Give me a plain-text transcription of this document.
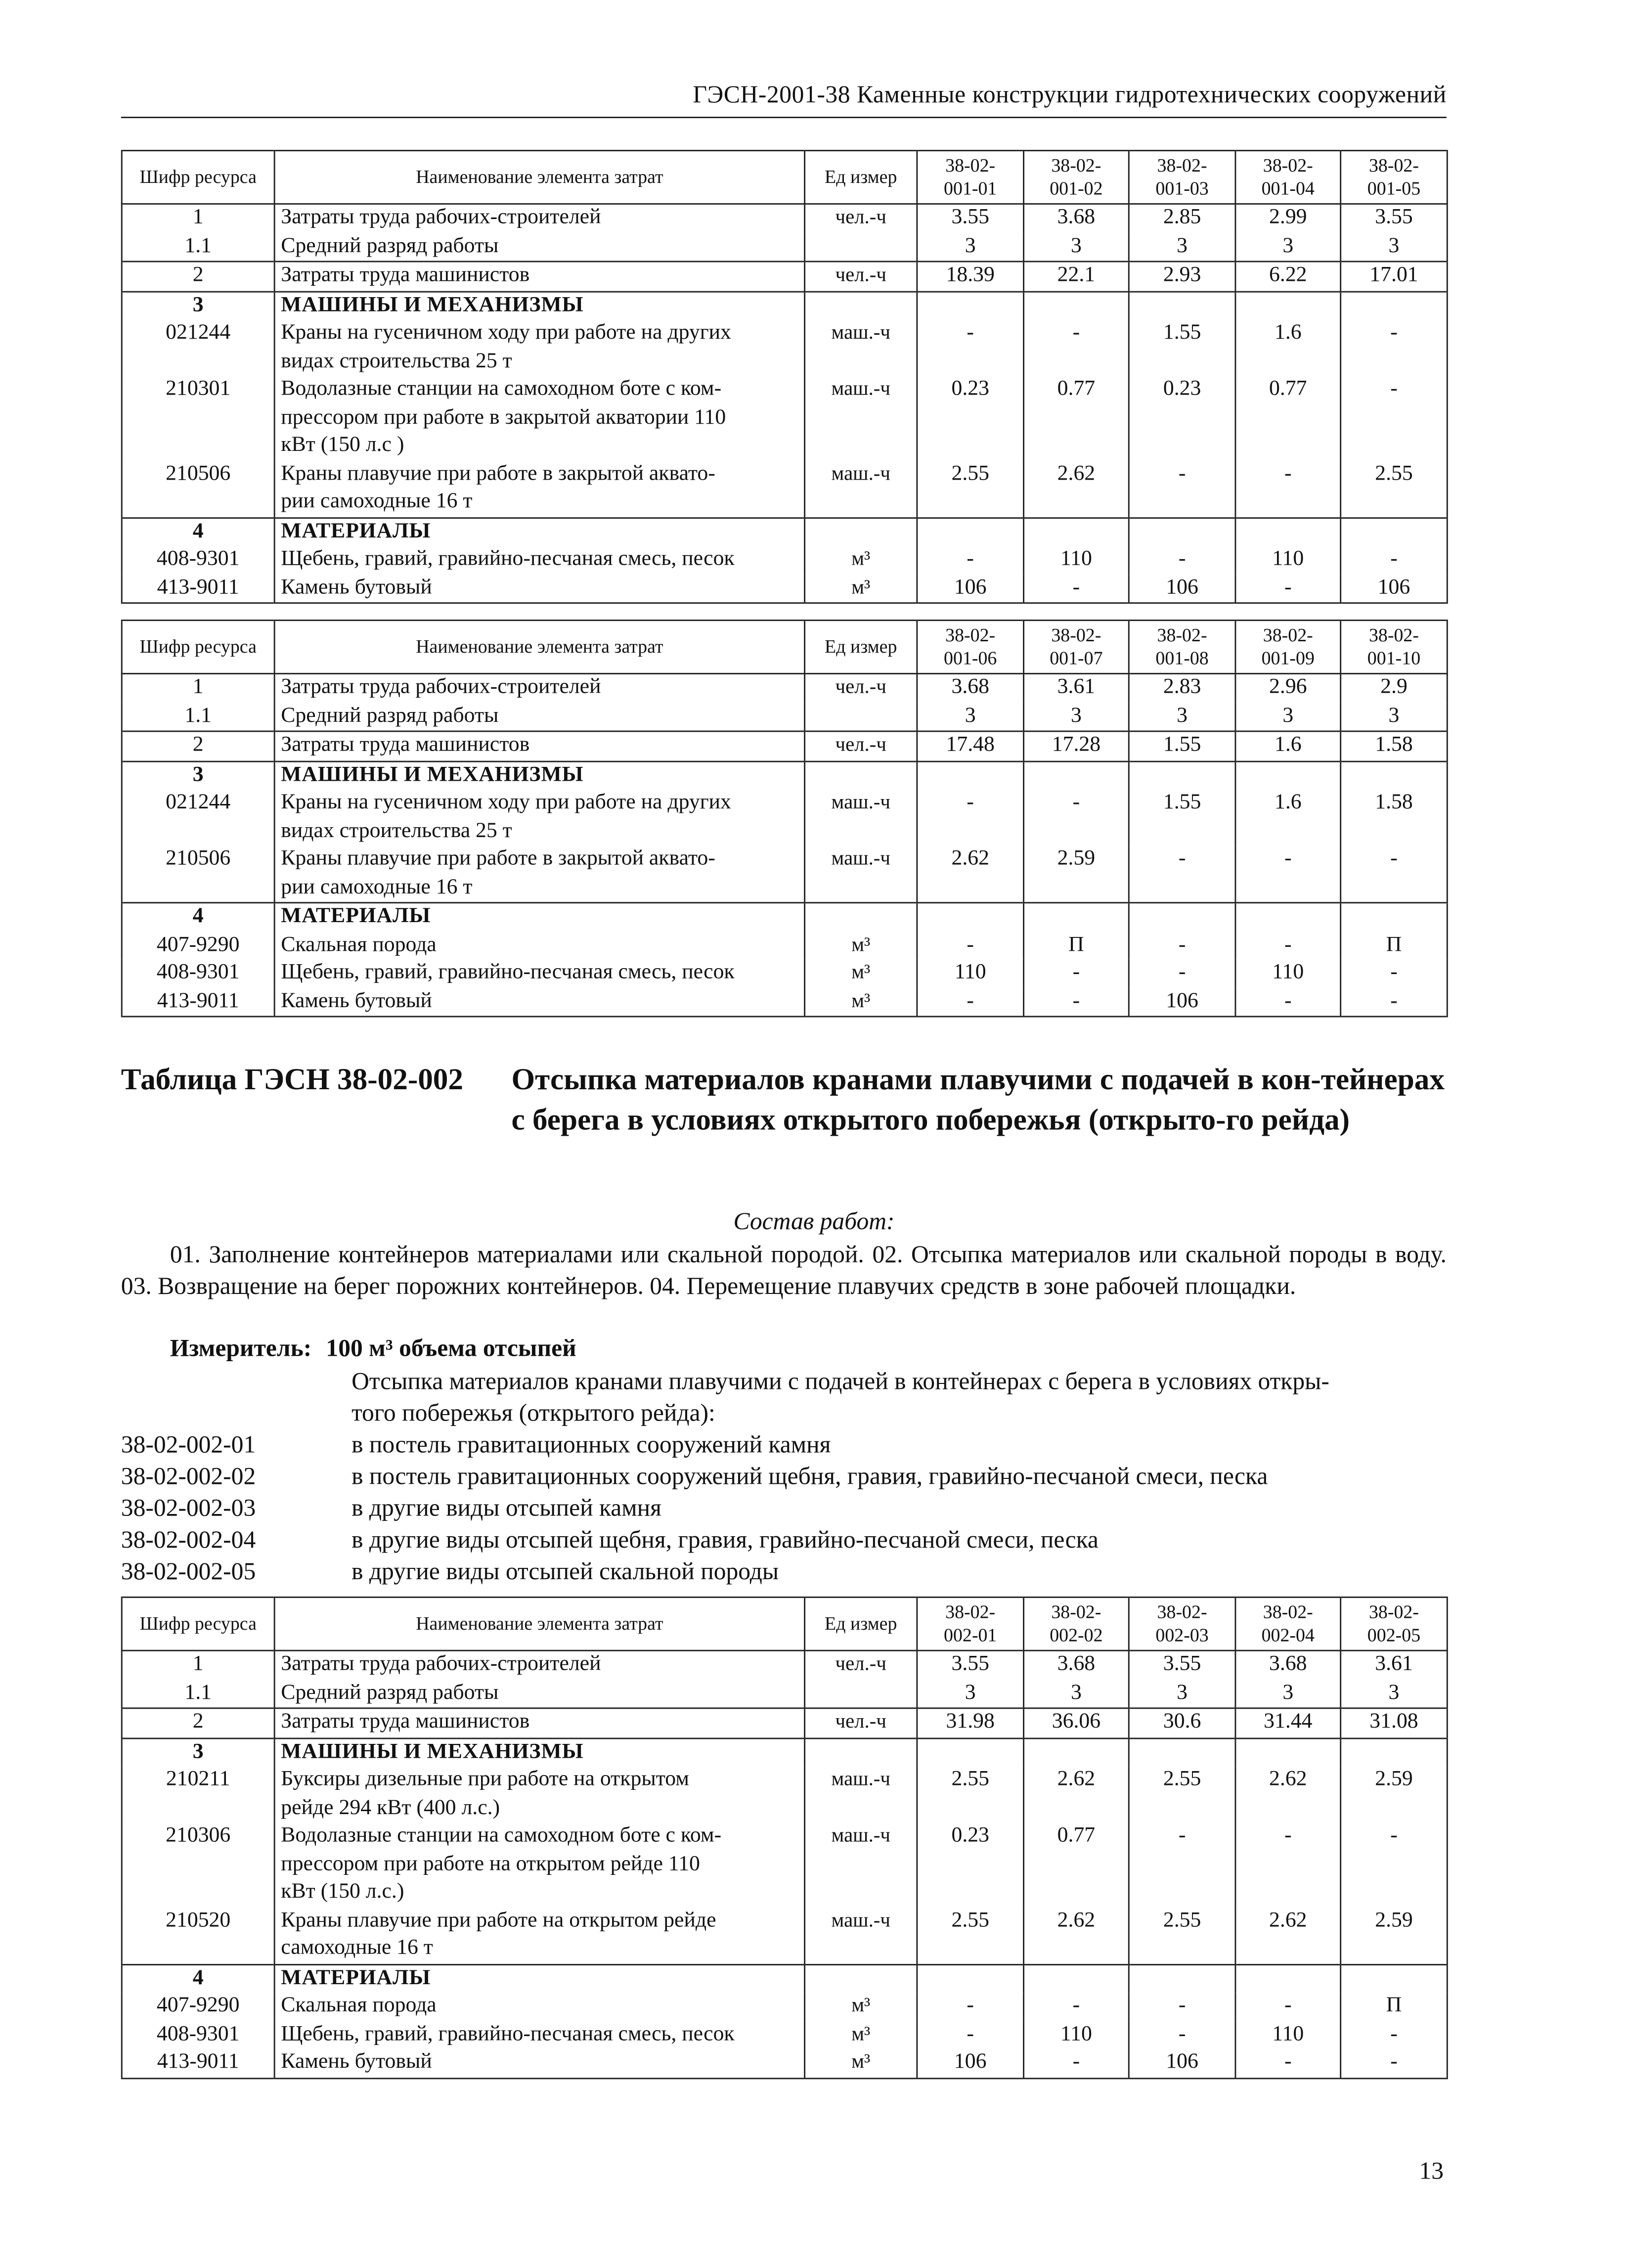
ГЭСН-2001-38 Каменные конструкции гидротехнических сооружений
Шифр ресурса	Наименование элемента затрат	Ед измер	38-02-
001-01	38-02-
001-02	38-02-
001-03	38-02-
001-04	38-02-
001-05
1	Затраты труда рабочих-строителей	чел.-ч	3.55	3.68	2.85	2.99	3.55
1.1	Средний разряд работы		3	3	3	3	3
2	Затраты труда машинистов	чел.-ч	18.39	22.1	2.93	6.22	17.01
3	МАШИНЫ И МЕХАНИЗМЫ						
021244	Краны на гусеничном ходу при работе на других
видах строительства 25 т	маш.-ч	-	-	1.55	1.6	-
210301	Водолазные станции на самоходном боте с ком-
прессором при работе в закрытой акватории 110
кВт (150 л.с )	маш.-ч	0.23	0.77	0.23	0.77	-
210506	Краны плавучие при работе в закрытой аквато-
рии самоходные 16 т	маш.-ч	2.55	2.62	-	-	2.55
4	МАТЕРИАЛЫ						
408-9301	Щебень, гравий, гравийно-песчаная смесь, песок	м³	-	110	-	110	-
413-9011	Камень бутовый	м³	106	-	106	-	106
Шифр ресурса	Наименование элемента затрат	Ед измер	38-02-
001-06	38-02-
001-07	38-02-
001-08	38-02-
001-09	38-02-
001-10
1	Затраты труда рабочих-строителей	чел.-ч	3.68	3.61	2.83	2.96	2.9
1.1	Средний разряд работы		3	3	3	3	3
2	Затраты труда машинистов	чел.-ч	17.48	17.28	1.55	1.6	1.58
3	МАШИНЫ И МЕХАНИЗМЫ						
021244	Краны на гусеничном ходу при работе на других
видах строительства 25 т	маш.-ч	-	-	1.55	1.6	1.58
210506	Краны плавучие при работе в закрытой аквато-
рии самоходные 16 т	маш.-ч	2.62	2.59	-	-	-
4	МАТЕРИАЛЫ						
407-9290	Скальная порода	м³	-	П	-	-	П
408-9301	Щебень, гравий, гравийно-песчаная смесь, песок	м³	110	-	-	110	-
413-9011	Камень бутовый	м³	-	-	106	-	-
Таблица ГЭСН 38-02-002	Отсыпка материалов кранами плавучими с подачей в кон-тейнерах с берега в условиях открытого побережья (открыто-го рейда)
Состав работ:
01. Заполнение контейнеров материалами или скальной породой. 02. Отсыпка материалов или скальной породы в воду. 03. Возвращение на берег порожних контейнеров. 04. Перемещение плавучих средств в зоне рабочей площадки.
Измеритель: 100 м³ объема отсыпей
Отсыпка материалов кранами плавучими с подачей в контейнерах с берега в условиях откры-
того побережья (открытого рейда):
38-02-002-01	в постель гравитационных сооружений камня
38-02-002-02	в постель гравитационных сооружений щебня, гравия, гравийно-песчаной смеси, песка
38-02-002-03	в другие виды отсыпей камня
38-02-002-04	в другие виды отсыпей щебня, гравия, гравийно-песчаной смеси, песка
38-02-002-05	в другие виды отсыпей скальной породы
Шифр ресурса	Наименование элемента затрат	Ед измер	38-02-
002-01	38-02-
002-02	38-02-
002-03	38-02-
002-04	38-02-
002-05
1	Затраты труда рабочих-строителей	чел.-ч	3.55	3.68	3.55	3.68	3.61
1.1	Средний разряд работы		3	3	3	3	3
2	Затраты труда машинистов	чел.-ч	31.98	36.06	30.6	31.44	31.08
3	МАШИНЫ И МЕХАНИЗМЫ						
210211	Буксиры дизельные при работе на открытом
рейде 294 кВт (400 л.с.)	маш.-ч	2.55	2.62	2.55	2.62	2.59
210306	Водолазные станции на самоходном боте с ком-
прессором при работе на открытом рейде 110
кВт (150 л.с.)	маш.-ч	0.23	0.77	-	-	-
210520	Краны плавучие при работе на открытом рейде
самоходные 16 т	маш.-ч	2.55	2.62	2.55	2.62	2.59
4	МАТЕРИАЛЫ						
407-9290	Скальная порода	м³	-	-	-	-	П
408-9301	Щебень, гравий, гравийно-песчаная смесь, песок	м³	-	110	-	110	-
413-9011	Камень бутовый	м³	106	-	106	-	-
13
